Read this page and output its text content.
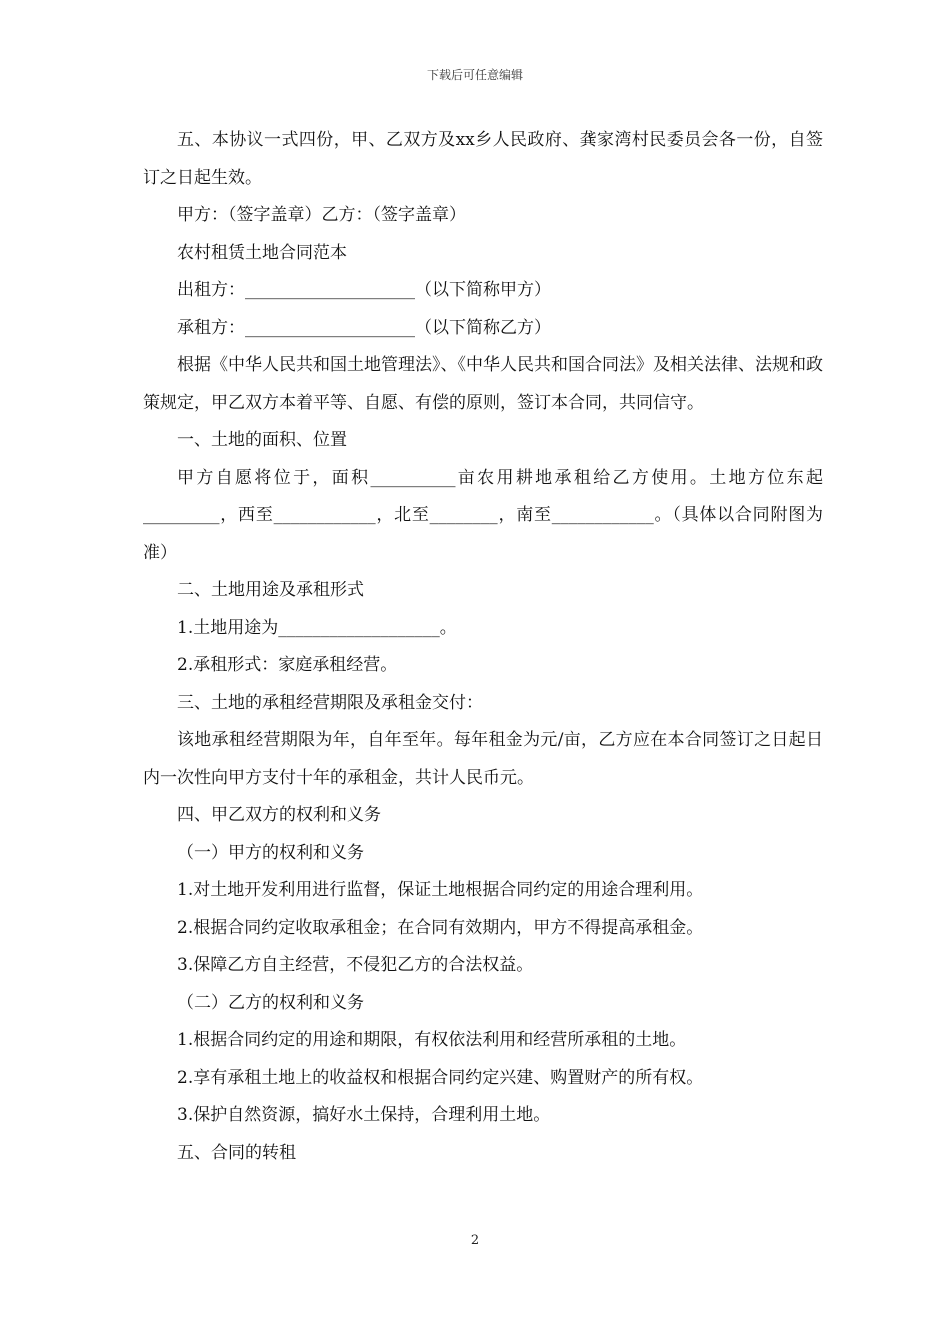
下载后可任意编辑

五、本协议一式四份，甲、乙双方及xx乡人民政府、龚家湾村民委员会各一份，自签订之日起生效。

甲方：（签字盖章）乙方：（签字盖章）

农村租赁土地合同范本

出租方：____________________（以下简称甲方）

承租方：____________________（以下简称乙方）

根据《中华人民共和国土地管理法》、《中华人民共和国合同法》及相关法律、法规和政策规定，甲乙双方本着平等、自愿、有偿的原则，签订本合同，共同信守。

一、土地的面积、位置

甲方自愿将位于，面积__________亩农用耕地承租给乙方使用。土地方位东起_________，西至____________，北至________，南至____________。（具体以合同附图为准）

二、土地用途及承租形式

1.土地用途为___________________。

2.承租形式：家庭承租经营。

三、土地的承租经营期限及承租金交付：

该地承租经营期限为年，自年至年。每年租金为元/亩，乙方应在本合同签订之日起日内一次性向甲方支付十年的承租金，共计人民币元。

四、甲乙双方的权利和义务

（一）甲方的权利和义务

1.对土地开发利用进行监督，保证土地根据合同约定的用途合理利用。

2.根据合同约定收取承租金；在合同有效期内，甲方不得提高承租金。

3.保障乙方自主经营，不侵犯乙方的合法权益。

（二）乙方的权利和义务

1.根据合同约定的用途和期限，有权依法利用和经营所承租的土地。

2.享有承租土地上的收益权和根据合同约定兴建、购置财产的所有权。

3.保护自然资源，搞好水土保持，合理利用土地。

五、合同的转租

2
